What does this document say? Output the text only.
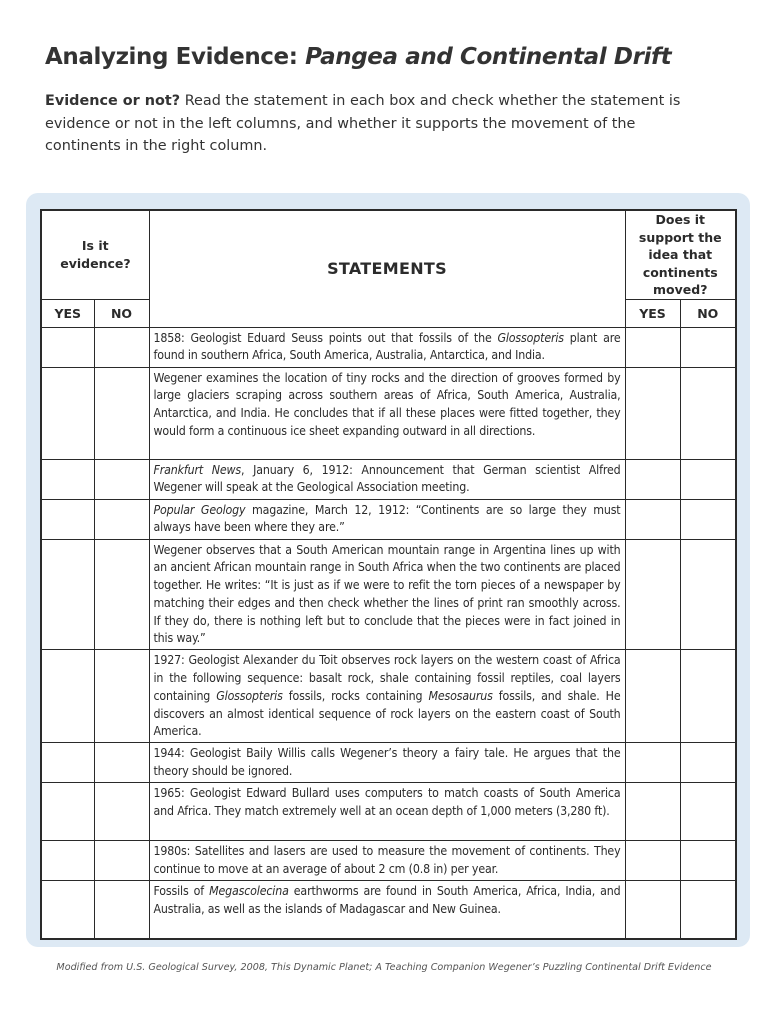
Analyzing Evidence: Pangea and Continental Drift

Evidence or not? Read the statement in each box and check whether the statement is evidence or not in the left columns, and whether it supports the movement of the continents in the right column.

Is it evidence?		STATEMENTS	Does it support the idea that continents moved?	
YES	NO		YES	NO
		1858: Geologist Eduard Seuss points out that fossils of the Glossopteris plant are found in southern Africa, South America, Australia, Antarctica, and India.		
		Wegener examines the location of tiny rocks and the direction of grooves formed by large glaciers scraping across southern areas of Africa, South America, Australia, Antarctica, and India. He concludes that if all these places were fitted together, they would form a continuous ice sheet expanding outward in all directions.		
		Frankfurt News, January 6, 1912: Announcement that German scientist Alfred Wegener will speak at the Geological Association meeting.		
		Popular Geology magazine, March 12, 1912: “Continents are so large they must always have been where they are.”		
		Wegener observes that a South American mountain range in Argentina lines up with an ancient African mountain range in South Africa when the two continents are placed together. He writes: “It is just as if we were to refit the torn pieces of a newspaper by matching their edges and then check whether the lines of print ran smoothly across. If they do, there is nothing left but to conclude that the pieces were in fact joined in this way.”		
		1927: Geologist Alexander du Toit observes rock layers on the western coast of Africa in the following sequence: basalt rock, shale containing fossil reptiles, coal layers containing Glossopteris fossils, rocks containing Mesosaurus fossils, and shale. He discovers an almost identical sequence of rock layers on the eastern coast of South America.		
		1944: Geologist Baily Willis calls Wegener’s theory a fairy tale. He argues that the theory should be ignored.		
		1965: Geologist Edward Bullard uses computers to match coasts of South America and Africa. They match extremely well at an ocean depth of 1,000 meters (3,280 ft).		
		1980s: Satellites and lasers are used to measure the movement of continents. They continue to move at an average of about 2 cm (0.8 in) per year.		
		Fossils of Megascolecina earthworms are found in South America, Africa, India, and Australia, as well as the islands of Madagascar and New Guinea.		
Modified from U.S. Geological Survey, 2008, This Dynamic Planet; A Teaching Companion Wegener’s Puzzling Continental Drift Evidence
